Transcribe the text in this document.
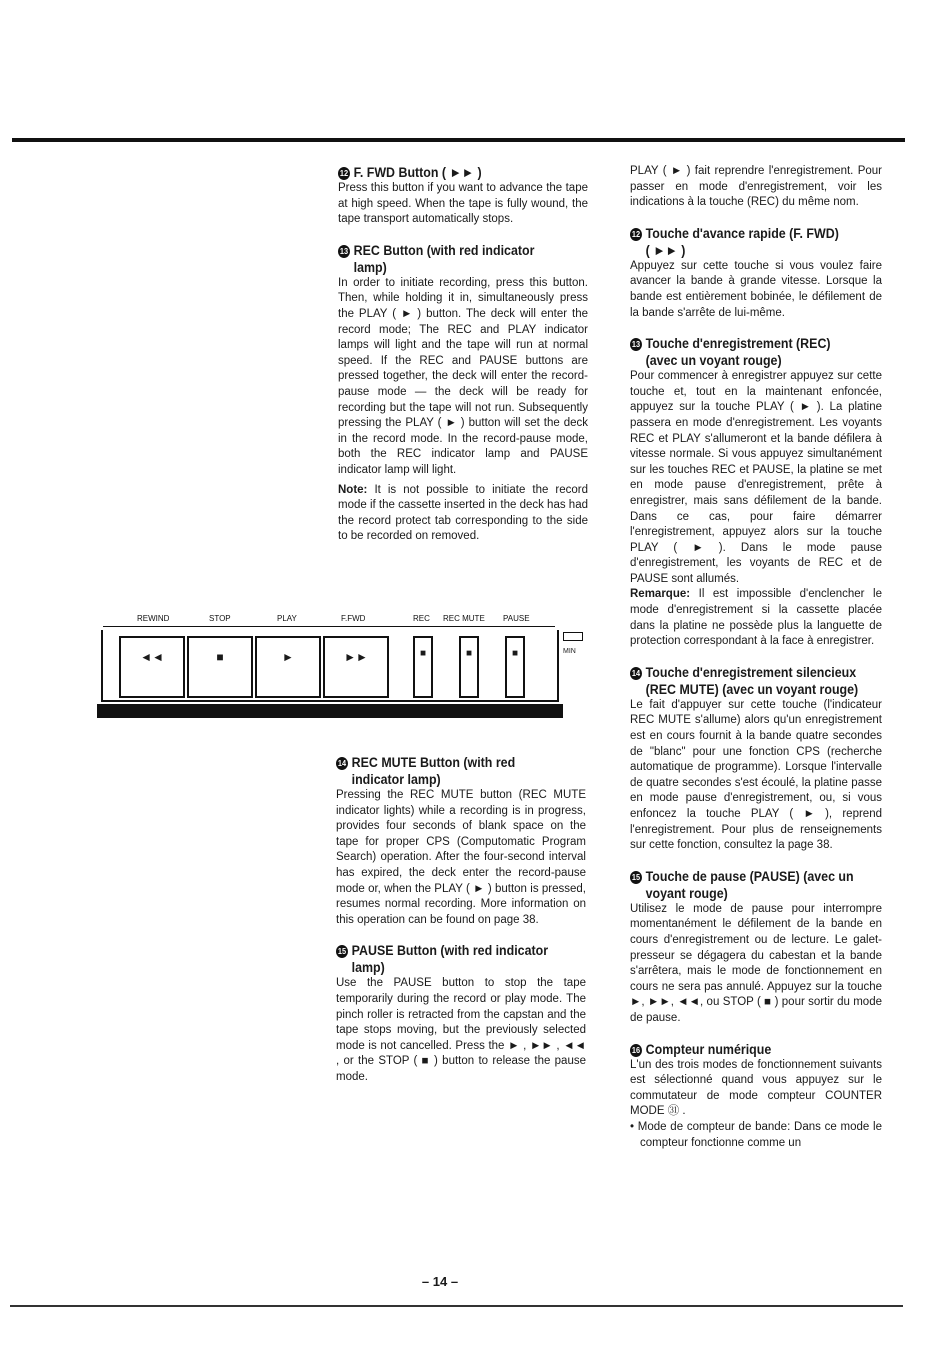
12 F. FWD Button ( ►► )

Press this button if you want to advance the tape at high speed. When the tape is fully wound, the tape transport automatically stops.

13 REC Button (with red indicator
lamp)

In order to initiate recording, press this button. Then, while holding it in, simultaneously press the PLAY ( ► ) button. The deck will enter the record mode; The REC and PLAY indicator lamps will light and the tape will run at normal speed. If the REC and PAUSE buttons are pressed together, the deck will enter the record-pause mode — the deck will be ready for recording but the tape will not run. Subsequently pressing the PLAY ( ► ) button will set the deck in the record mode. In the record-pause mode, both the REC indicator lamp and PAUSE indicator lamp will light.

Note: It is not possible to initiate the record mode if the cassette inserted in the deck has had the record protect tab corresponding to the side to be recorded on removed.

REWIND	STOP	PLAY	F.FWD	REC REC MUTE PAUSE
◄◄	■	►	►►	■	■	■	MIN
14 REC MUTE Button (with red
indicator lamp)

Pressing the REC MUTE button (REC MUTE indicator lights) while a recording is in progress, provides four seconds of blank space on the tape for proper CPS (Computomatic Program Search) operation. After the four-second interval has expired, the deck enter the record-pause mode or, when the PLAY ( ► ) button is pressed, resumes normal recording. More information on this operation can be found on page 38.

15 PAUSE Button (with red indicator
lamp)

Use the PAUSE button to stop the tape temporarily during the record or play mode. The pinch roller is retracted from the capstan and the tape stops moving, but the previously selected mode is not cancelled. Press the ► , ►► , ◄◄ , or the STOP ( ■ ) button to release the pause mode.

PLAY ( ► ) fait reprendre l'enregistrement. Pour passer en mode d'enregistrement, voir les indications à la touche (REC) du même nom.

12 Touche d'avance rapide (F. FWD)
( ►► )

Appuyez sur cette touche si vous voulez faire avancer la bande à grande vitesse. Lorsque la bande est entièrement bobinée, le défilement de la bande s'arrête de lui-même.

13 Touche d'enregistrement (REC)
(avec un voyant rouge)

Pour commencer à enregistrer appuyez sur cette touche et, tout en la maintenant enfoncée, appuyez sur la touche PLAY ( ► ). La platine passera en mode d'enregistrement. Les voyants REC et PLAY s'allumeront et la bande défilera à vitesse normale. Si vous appuyez simultanément sur les touches REC et PAUSE, la platine se met en mode pause d'enregistrement, prête à enregistrer, mais sans défilement de la bande. Dans ce cas, pour faire démarrer l'enregistrement, appuyez alors sur la touche PLAY ( ► ). Dans le mode pause d'enregistrement, les voyants de REC et de PAUSE sont allumés.

Remarque: Il est impossible d'enclencher le mode d'enregistrement si la cassette placée dans la platine ne possède plus la languette de protection correspondant à la face à enregistrer.

14 Touche d'enregistrement silencieux
(REC MUTE) (avec un voyant rouge)

Le fait d'appuyer sur cette touche (l'indicateur REC MUTE s'allume) alors qu'un enregistrement est en cours fournit à la bande quatre secondes de "blanc" pour une fonction CPS (recherche automatique de programme). Lorsque l'intervalle de quatre secondes s'est écoulé, la platine passe en mode pause d'enregistrement, ou, si vous enfoncez la touche PLAY ( ► ), reprend l'enregistrement. Pour plus de renseignements sur cette fonction, consultez la page 38.

15 Touche de pause (PAUSE) (avec un
voyant rouge)

Utilisez le mode de pause pour interrompre momentanément le défilement de la bande en cours d'enregistrement ou de lecture. Le galet-presseur se dégagera du cabestan et la bande s'arrêtera, mais le mode de fonctionnement en cours ne sera pas annulé. Appuyez sur la touche ►, ►►, ◄◄, ou STOP ( ■ ) pour sortir du mode de pause.

16 Compteur numérique

L'un des trois modes de fonctionnement suivants est sélectionné quand vous appuyez sur le commutateur de mode compteur COUNTER MODE ㉛ .

• Mode de compteur de bande: Dans ce mode le compteur fonctionne comme un

– 14 –
